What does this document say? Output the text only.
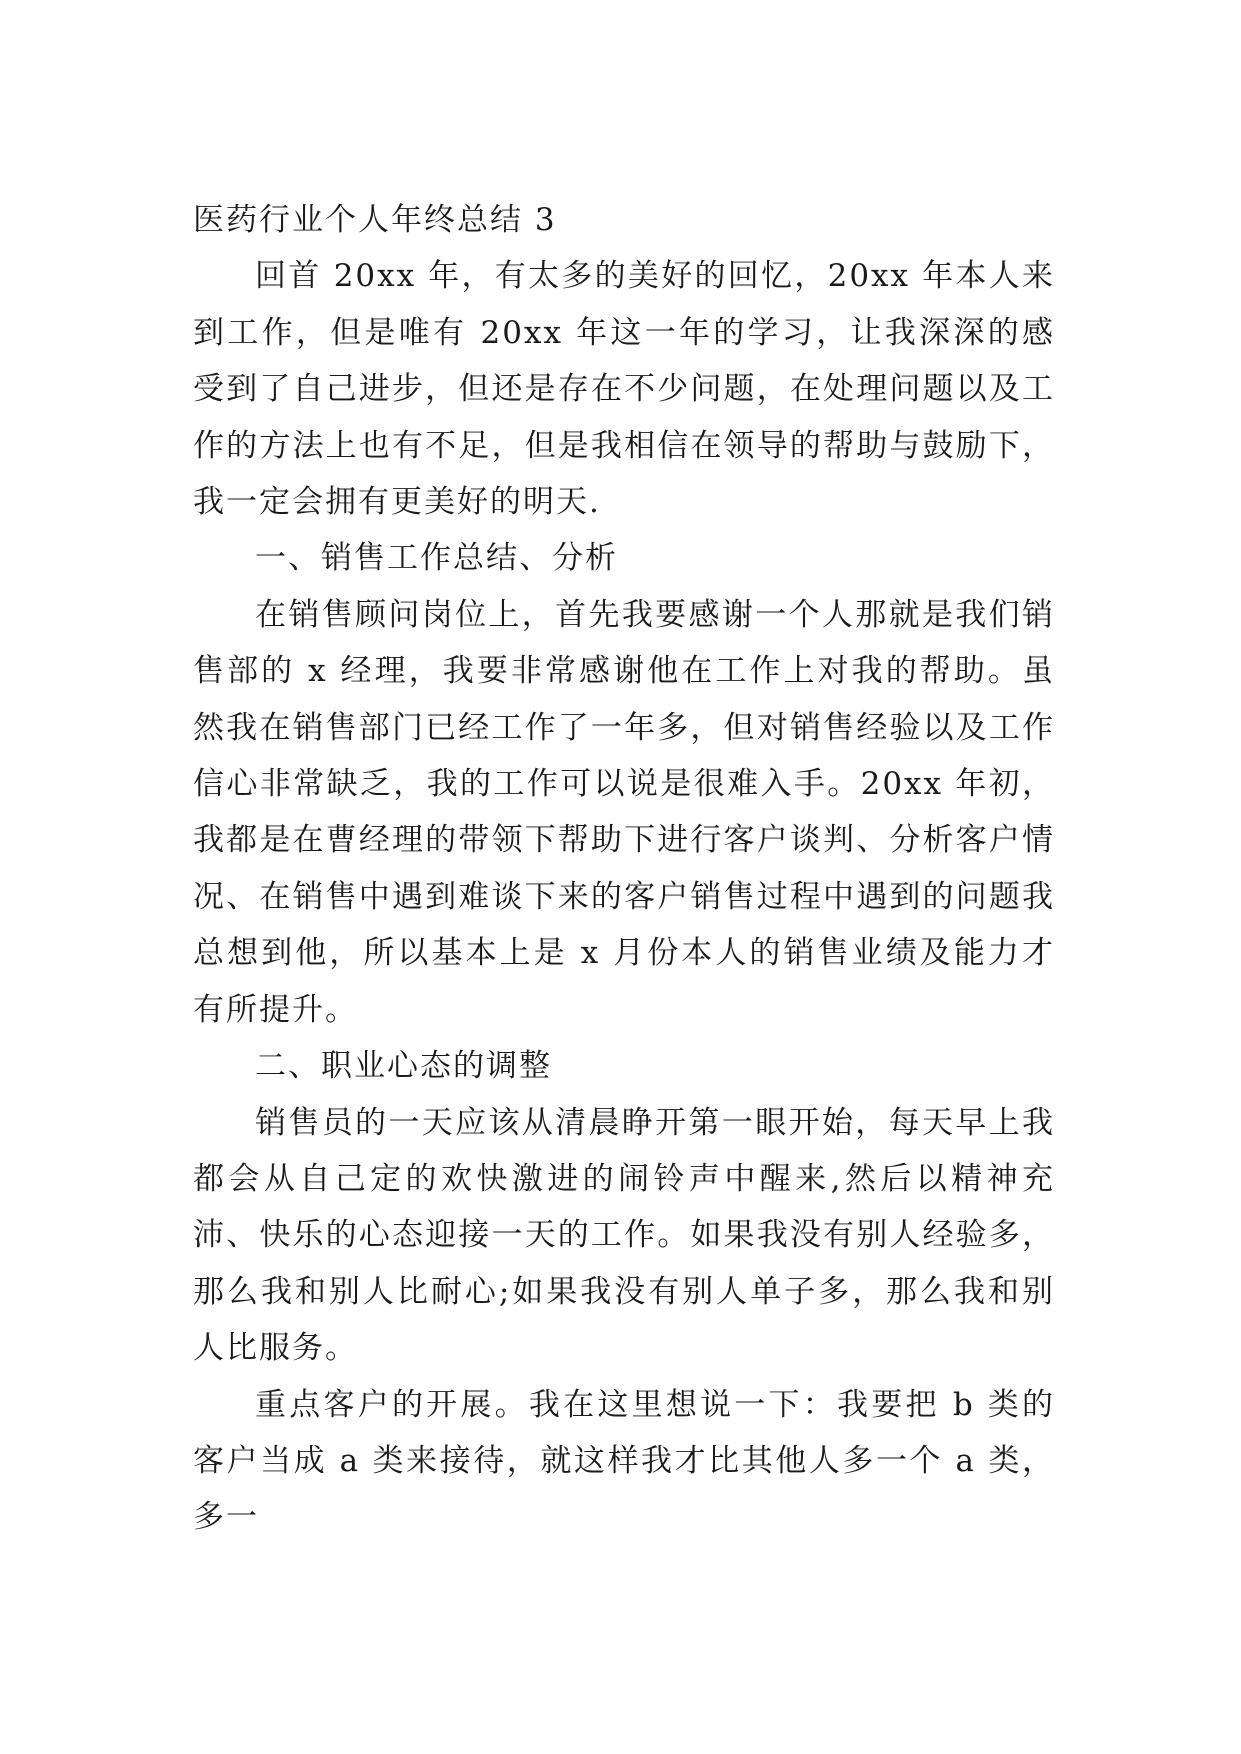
医药行业个人年终总结 3

回首 20xx 年，有太多的美好的回忆，20xx 年本人来到工作，但是唯有 20xx 年这一年的学习，让我深深的感受到了自己进步，但还是存在不少问题，在处理问题以及工作的方法上也有不足，但是我相信在领导的帮助与鼓励下，我一定会拥有更美好的明天.

一、销售工作总结、分析

在销售顾问岗位上，首先我要感谢一个人那就是我们销售部的 x 经理，我要非常感谢他在工作上对我的帮助。虽然我在销售部门已经工作了一年多，但对销售经验以及工作信心非常缺乏，我的工作可以说是很难入手。20xx 年初，我都是在曹经理的带领下帮助下进行客户谈判、分析客户情况、在销售中遇到难谈下来的客户销售过程中遇到的问题我总想到他，所以基本上是 x 月份本人的销售业绩及能力才有所提升。

二、职业心态的调整

销售员的一天应该从清晨睁开第一眼开始，每天早上我都会从自己定的欢快激进的闹铃声中醒来,然后以精神充沛、快乐的心态迎接一天的工作。如果我没有别人经验多，那么我和别人比耐心;如果我没有别人单子多，那么我和别人比服务。

重点客户的开展。我在这里想说一下：我要把 b 类的客户当成 a 类来接待，就这样我才比其他人多一个 a 类，多一
